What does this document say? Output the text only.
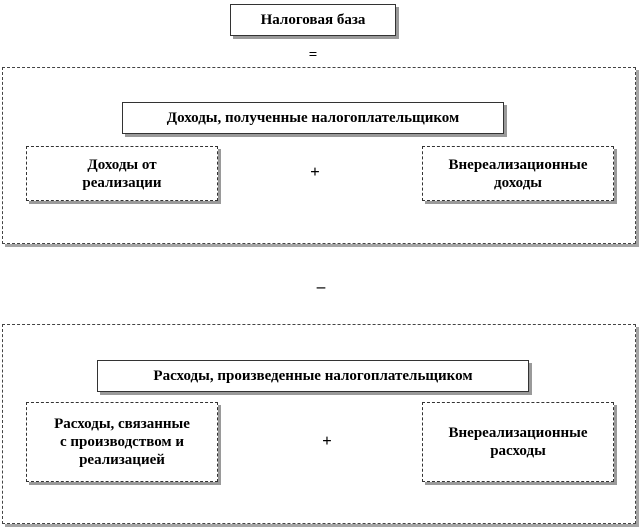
Налоговая база
=
Доходы, полученные налогоплательщиком
Доходы от
реализации
+	Внереализационные
доходы
–
Расходы, произведенные налогоплательщиком
Расходы, связанные
с производством и
реализацией
+	Внереализационные
расходы
